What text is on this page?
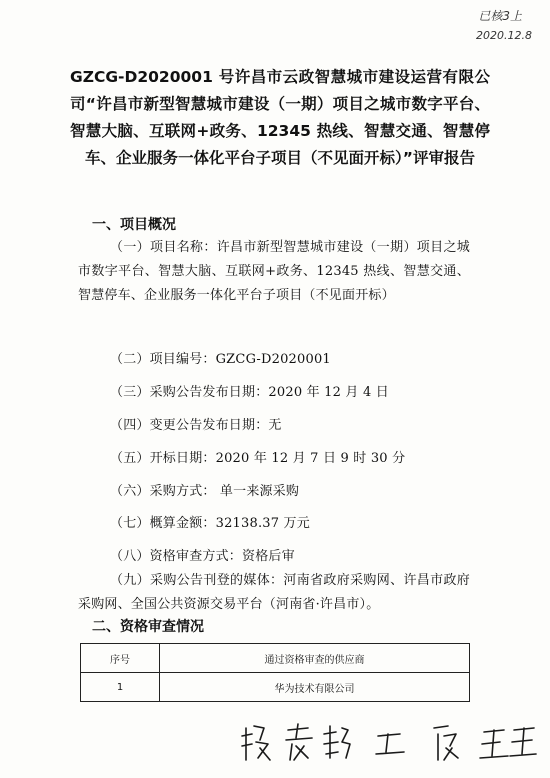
已核3上
2020.12.8
GZCG-D2020001 号许昌市云政智慧城市建设运营有限公司“许昌市新型智慧城市建设（一期）项目之城市数字平台、智慧大脑、互联网+政务、12345 热线、智慧交通、智慧停车、企业服务一体化平台子项目（不见面开标）”评审报告
一、项目概况
（一）项目名称：许昌市新型智慧城市建设（一期）项目之城市数字平台、智慧大脑、互联网+政务、12345 热线、智慧交通、智慧停车、企业服务一体化平台子项目（不见面开标）
（二）项目编号：GZCG-D2020001
（三）采购公告发布日期：2020 年 12 月 4 日
（四）变更公告发布日期：无
（五）开标日期：2020 年 12 月 7 日 9 时 30 分
（六）采购方式： 单一来源采购
（七）概算金额：32138.37 万元
（八）资格审查方式：资格后审
（九）采购公告刊登的媒体：河南省政府采购网、许昌市政府采购网、全国公共资源交易平台（河南省·许昌市）。
二、资格审查情况
序号	通过资格审查的供应商
1	华为技术有限公司
